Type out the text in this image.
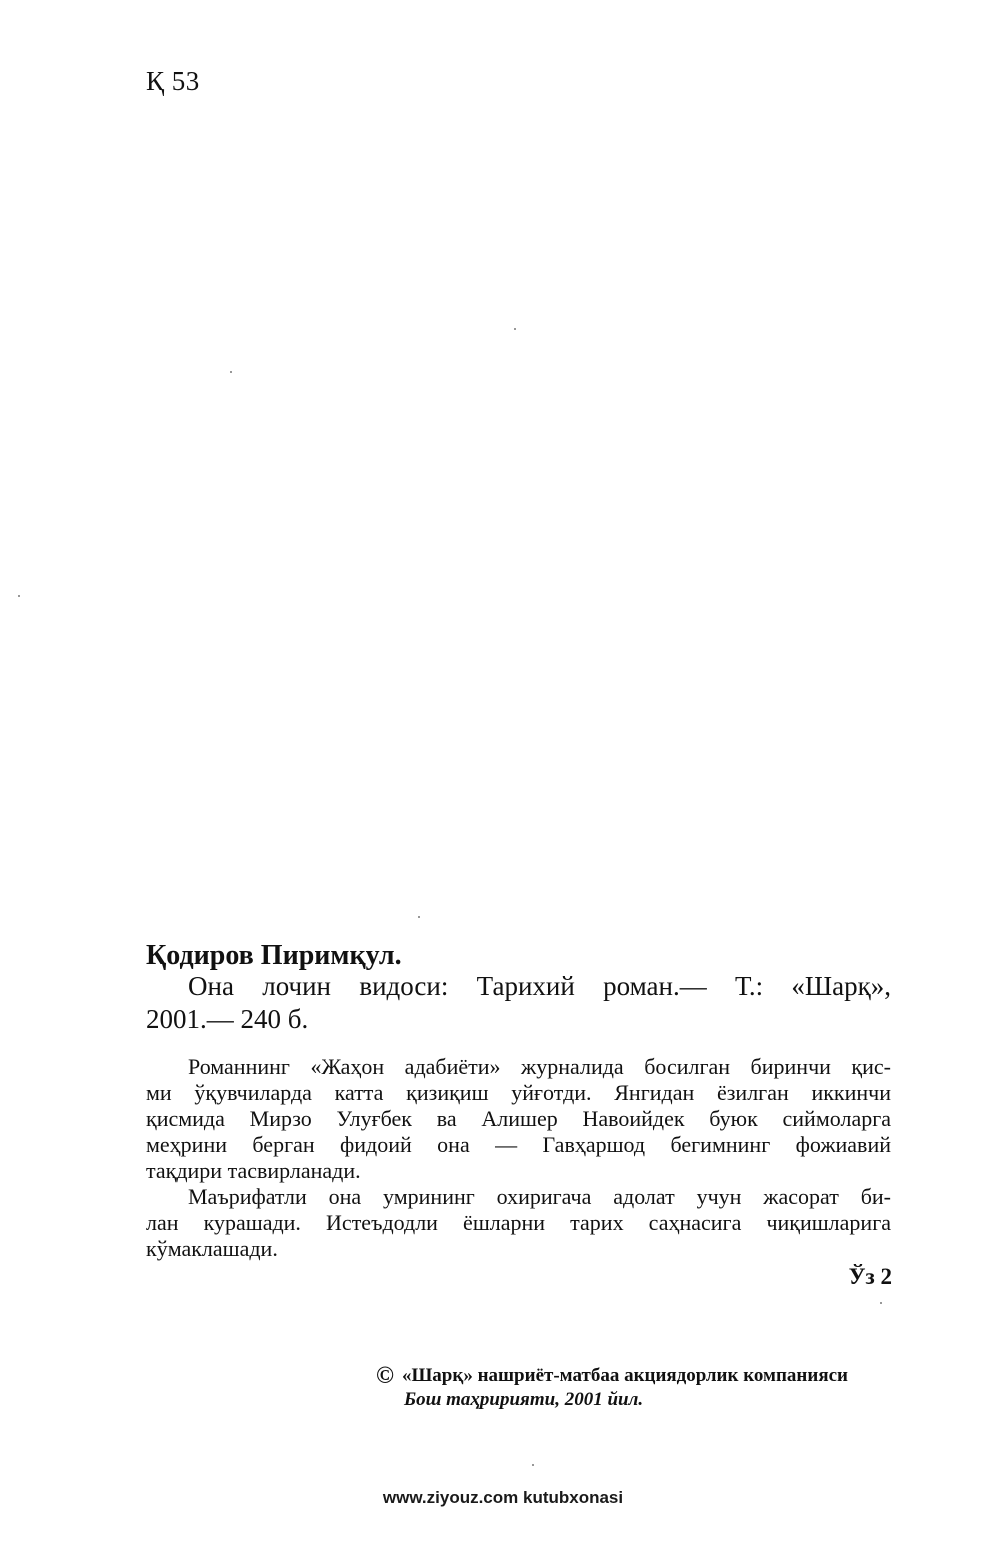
Қ 53
Қодиров Пиримқул.
Она лочин видоси: Тарихий роман.— Т.: «Шарқ»,
2001.— 240 б.

Романнинг «Жаҳон адабиёти» журналида босилган биринчи қис-
ми ўқувчиларда катта қизиқиш уйғотди. Янгидан ёзилган иккинчи
қисмида Мирзо Улуғбек ва Алишер Навоийдек буюк сиймоларга
меҳрини берган фидоий она — Гавҳаршод бегимнинг фожиавий
тақдири тасвирланади.

Маърифатли она умрининг охиригача адолат учун жасорат би-
лан курашади. Истеъдодли ёшларни тарих саҳнасига чиқишларига
кўмаклашади.

Ўз 2
© «Шарқ» нашриёт-матбаа акциядорлик компанияси
Бош таҳририяти, 2001 йил.
www.ziyouz.com kutubxonasi
